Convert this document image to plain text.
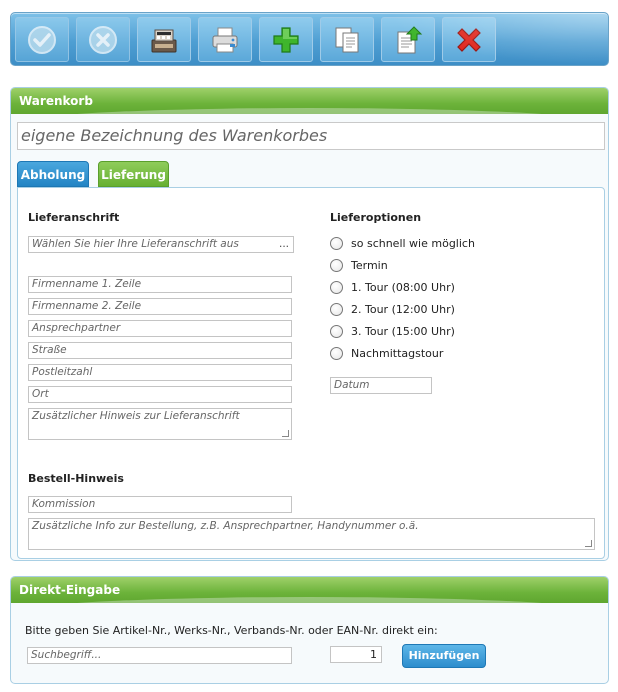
Warenkorb
eigene Bezeichnung des Warenkorbes
Abholung	Lieferung
Lieferanschrift
Wählen Sie hier Ihre Lieferanschrift aus	...
Firmenname 1. Zeile
Firmenname 2. Zeile
Ansprechpartner
Straße
Postleitzahl
Ort
Zusätzlicher Hinweis zur Lieferanschrift
Lieferoptionen
so schnell wie möglich
Termin
1. Tour (08:00 Uhr)
2. Tour (12:00 Uhr)
3. Tour (15:00 Uhr)
Nachmittagstour
Datum
Bestell-Hinweis
Kommission
Zusätzliche Info zur Bestellung, z.B. Ansprechpartner, Handynummer o.ä.
Direkt-Eingabe
Bitte geben Sie Artikel-Nr., Werks-Nr., Verbands-Nr. oder EAN-Nr. direkt ein:
Suchbegriff...	1	Hinzufügen
